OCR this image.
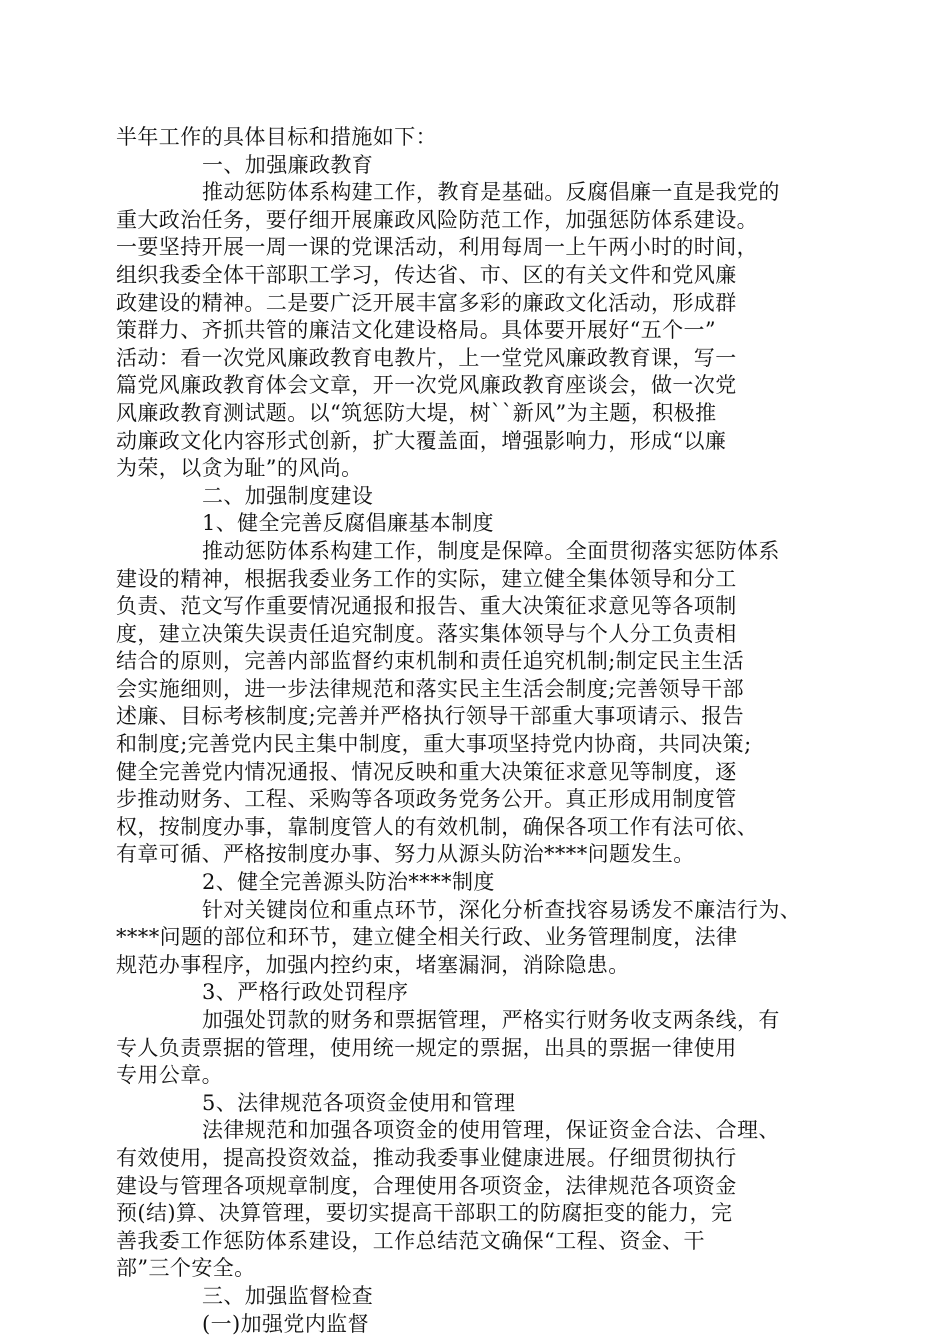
半年工作的具体目标和措施如下：
一、加强廉政教育
推动惩防体系构建工作，教育是基础。反腐倡廉一直是我党的
重大政治任务，要仔细开展廉政风险防范工作，加强惩防体系建设。
一要坚持开展一周一课的党课活动，利用每周一上午两小时的时间，
组织我委全体干部职工学习，传达省、市、区的有关文件和党风廉
政建设的精神。二是要广泛开展丰富多彩的廉政文化活动，形成群
策群力、齐抓共管的廉洁文化建设格局。具体要开展好“五个一”
活动：看一次党风廉政教育电教片，上一堂党风廉政教育课，写一
篇党风廉政教育体会文章，开一次党风廉政教育座谈会，做一次党
风廉政教育测试题。以“筑惩防大堤，树``新风”为主题，积极推
动廉政文化内容形式创新，扩大覆盖面，增强影响力，形成“以廉
为荣，以贪为耻”的风尚。
二、加强制度建设
1、健全完善反腐倡廉基本制度
推动惩防体系构建工作，制度是保障。全面贯彻落实惩防体系
建设的精神，根据我委业务工作的实际，建立健全集体领导和分工
负责、范文写作重要情况通报和报告、重大决策征求意见等各项制
度，建立决策失误责任追究制度。落实集体领导与个人分工负责相
结合的原则，完善内部监督约束机制和责任追究机制;制定民主生活
会实施细则，进一步法律规范和落实民主生活会制度;完善领导干部
述廉、目标考核制度;完善并严格执行领导干部重大事项请示、报告
和制度;完善党内民主集中制度，重大事项坚持党内协商，共同决策;
健全完善党内情况通报、情况反映和重大决策征求意见等制度，逐
步推动财务、工程、采购等各项政务党务公开。真正形成用制度管
权，按制度办事，靠制度管人的有效机制，确保各项工作有法可依、
有章可循、严格按制度办事、努力从源头防治****问题发生。
2、健全完善源头防治****制度
针对关键岗位和重点环节，深化分析查找容易诱发不廉洁行为、
****问题的部位和环节，建立健全相关行政、业务管理制度，法律
规范办事程序，加强内控约束，堵塞漏洞，消除隐患。
3、严格行政处罚程序
加强处罚款的财务和票据管理，严格实行财务收支两条线，有
专人负责票据的管理，使用统一规定的票据，出具的票据一律使用
专用公章。
5、法律规范各项资金使用和管理
法律规范和加强各项资金的使用管理，保证资金合法、合理、
有效使用，提高投资效益，推动我委事业健康进展。仔细贯彻执行
建设与管理各项规章制度，合理使用各项资金，法律规范各项资金
预(结)算、决算管理，要切实提高干部职工的防腐拒变的能力，完
善我委工作惩防体系建设，工作总结范文确保“工程、资金、干
部”三个安全。
三、加强监督检查
(一)加强党内监督
